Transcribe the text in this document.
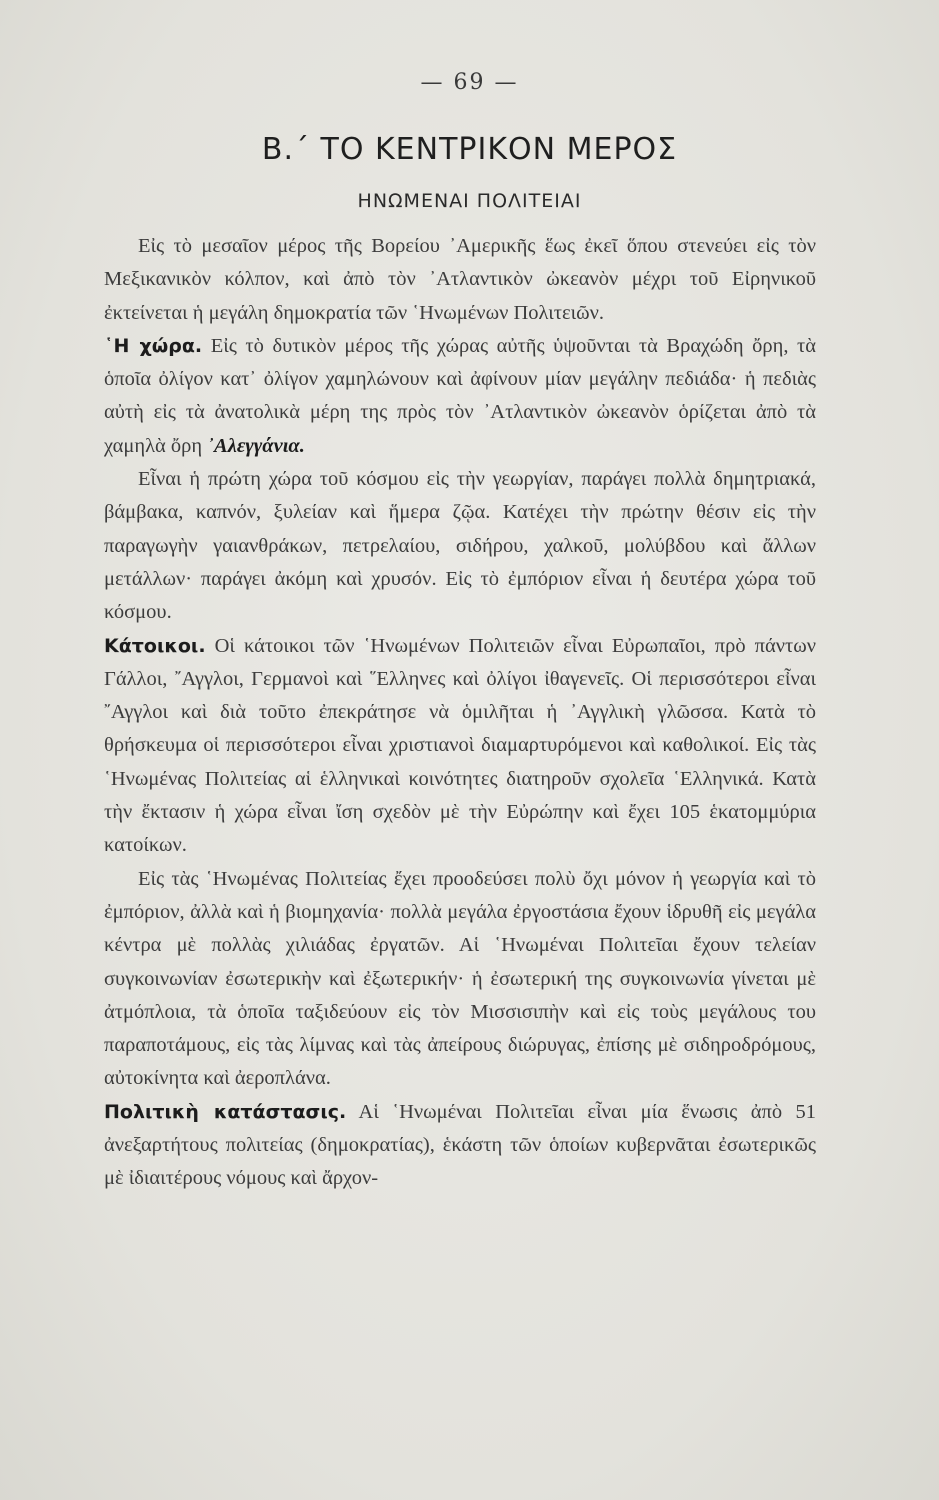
— 69 —
Β.´ ΤΟ ΚΕΝΤΡΙΚΟΝ ΜΕΡΟΣ
ΗΝΩΜΕΝΑΙ ΠΟΛΙΤΕΙΑΙ

Εἰς τὸ μεσαῖον μέρος τῆς Βορείου ᾿Αμερικῆς ἕως ἐκεῖ ὅπου στενεύει εἰς τὸν Μεξικανικὸν κόλπον, καὶ ἀπὸ τὸν ᾿Ατλαντικὸν ὠκεανὸν μέχρι τοῦ Εἰρηνικοῦ ἐκτείνεται ἡ μεγάλη δημοκρατία τῶν ῾Ηνωμένων Πολιτειῶν.

῾Η χώρα. Εἰς τὸ δυτικὸν μέρος τῆς χώρας αὐτῆς ὑψοῦνται τὰ Βραχώδη ὄρη, τὰ ὁποῖα ὀλίγον κατ᾿ ὀλίγον χαμηλώνουν καὶ ἀφίνουν μίαν μεγάλην πεδιάδα· ἡ πεδιὰς αὐτὴ εἰς τὰ ἀνατολικὰ μέρη της πρὸς τὸν ᾿Ατλαντικὸν ὠκεανὸν ὁρίζεται ἀπὸ τὰ χαμηλὰ ὄρη ᾿Αλεγγάνια.

Εἶναι ἡ πρώτη χώρα τοῦ κόσμου εἰς τὴν γεωργίαν, παράγει πολλὰ δημητριακά, βάμβακα, καπνόν, ξυλείαν καὶ ἥμερα ζῷα. Κατέχει τὴν πρώτην θέσιν εἰς τὴν παραγωγὴν γαιανθράκων, πετρελαίου, σιδήρου, χαλκοῦ, μολύβδου καὶ ἄλλων μετάλλων· παράγει ἀκόμη καὶ χρυσόν. Εἰς τὸ ἐμπόριον εἶναι ἡ δευτέρα χώρα τοῦ κόσμου.

Κάτοικοι. Οἱ κάτοικοι τῶν ῾Ηνωμένων Πολιτειῶν εἶναι Εὐρωπαῖοι, πρὸ πάντων Γάλλοι, ῎Αγγλοι, Γερμανοὶ καὶ ῞Ελληνες καὶ ὀλίγοι ἰθαγενεῖς. Οἱ περισσότεροι εἶναι ῎Αγγλοι καὶ διὰ τοῦτο ἐπεκράτησε νὰ ὁμιλῆται ἡ ᾿Αγγλικὴ γλῶσσα. Κατὰ τὸ θρήσκευμα οἱ περισσότεροι εἶναι χριστιανοὶ διαμαρτυρόμενοι καὶ καθολικοί. Εἰς τὰς ῾Ηνωμένας Πολιτείας αἱ ἑλληνικαὶ κοινότητες διατηροῦν σχολεῖα ῾Ελληνικά. Κατὰ τὴν ἔκτασιν ἡ χώρα εἶναι ἴση σχεδὸν μὲ τὴν Εὐρώπην καὶ ἔχει 105 ἑκατομμύρια κατοίκων.

Εἰς τὰς ῾Ηνωμένας Πολιτείας ἔχει προοδεύσει πολὺ ὄχι μόνον ἡ γεωργία καὶ τὸ ἐμπόριον, ἀλλὰ καὶ ἡ βιομηχανία· πολλὰ μεγάλα ἐργοστάσια ἔχουν ἱδρυθῆ εἰς μεγάλα κέντρα μὲ πολλὰς χιλιάδας ἐργατῶν. Αἱ ῾Ηνωμέναι Πολιτεῖαι ἔχουν τελείαν συγκοινωνίαν ἐσωτερικὴν καὶ ἐξωτερικήν· ἡ ἐσωτερική της συγκοινωνία γίνεται μὲ ἀτμόπλοια, τὰ ὁποῖα ταξιδεύουν εἰς τὸν Μισσισιπὴν καὶ εἰς τοὺς μεγάλους του παραποτάμους, εἰς τὰς λίμνας καὶ τὰς ἀπείρους διώρυγας, ἐπίσης μὲ σιδηροδρόμους, αὐτοκίνητα καὶ ἀεροπλάνα.

Πολιτικὴ κατάστασις. Αἱ ῾Ηνωμέναι Πολιτεῖαι εἶναι μία ἕνωσις ἀπὸ 51 ἀνεξαρτήτους πολιτείας (δημοκρατίας), ἑκάστη τῶν ὁποίων κυβερνᾶται ἐσωτερικῶς μὲ ἰδιαιτέρους νόμους καὶ ἄρχον-
